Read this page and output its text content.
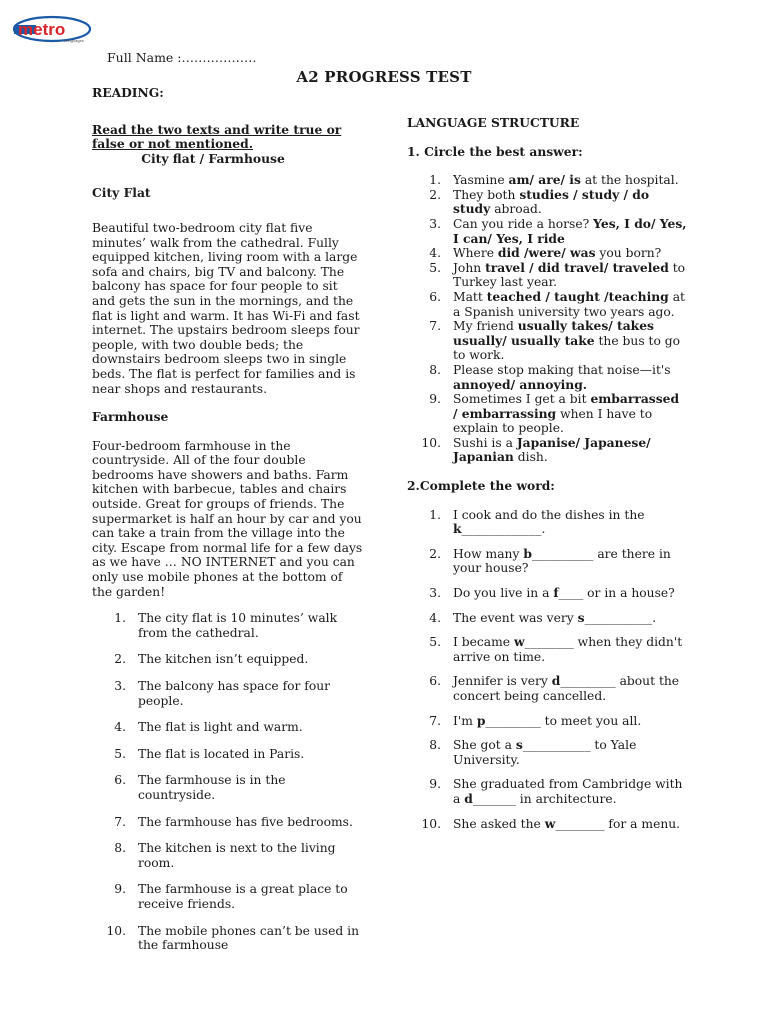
metro
Languages
Full Name :………………
A2 PROGRESS TEST
READING:
Read the two texts and write true or false or not mentioned.
City flat / Farmhouse
City Flat
Beautiful two-bedroom city flat five minutes’ walk from the cathedral. Fully equipped kitchen, living room with a large sofa and chairs, big TV and balcony. The balcony has space for four people to sit and gets the sun in the mornings, and the flat is light and warm. It has Wi-Fi and fast internet. The upstairs bedroom sleeps four people, with two double beds; the downstairs bedroom sleeps two in single beds. The flat is perfect for families and is near shops and restaurants.
Farmhouse
Four-bedroom farmhouse in the countryside. All of the four double bedrooms have showers and baths. Farm kitchen with barbecue, tables and chairs outside. Great for groups of friends. The supermarket is half an hour by car and you can take a train from the village into the city. Escape from normal life for a few days as we have … NO INTERNET and you can only use mobile phones at the bottom of the garden!
1. The city flat is 10 minutes’ walk from the cathedral.
2. The kitchen isn’t equipped.
3. The balcony has space for four people.
4. The flat is light and warm.
5. The flat is located in Paris.
6. The farmhouse is in the countryside.
7. The farmhouse has five bedrooms.
8. The kitchen is next to the living room.
9. The farmhouse is a great place to receive friends.
10. The mobile phones can’t be used in the farmhouse
LANGUAGE STRUCTURE
1. Circle the best answer:
1. Yasmine am/ are/ is at the hospital.
2. They both studies / study / do study abroad.
3. Can you ride a horse? Yes, I do/ Yes, I can/ Yes, I ride
4. Where did /were/ was you born?
5. John travel / did travel/ traveled to Turkey last year.
6. Matt teached / taught /teaching at a Spanish university two years ago.
7. My friend usually takes/ takes usually/ usually take the bus to go to work.
8. Please stop making that noise—it's annoyed/ annoying.
9. Sometimes I get a bit embarrassed / embarrassing when I have to explain to people.
10. Sushi is a Japanise/ Japanese/ Japanian dish.
2.Complete the word:
1. I cook and do the dishes in the k_____________.
2. How many b__________ are there in your house?
3. Do you live in a f____ or in a house?
4. The event was very s___________.
5. I became w________ when they didn't arrive on time.
6. Jennifer is very d_________ about the concert being cancelled.
7. I'm p_________ to meet you all.
8. She got a s___________ to Yale University.
9. She graduated from Cambridge with a d_______ in architecture.
10. She asked the w________ for a menu.
